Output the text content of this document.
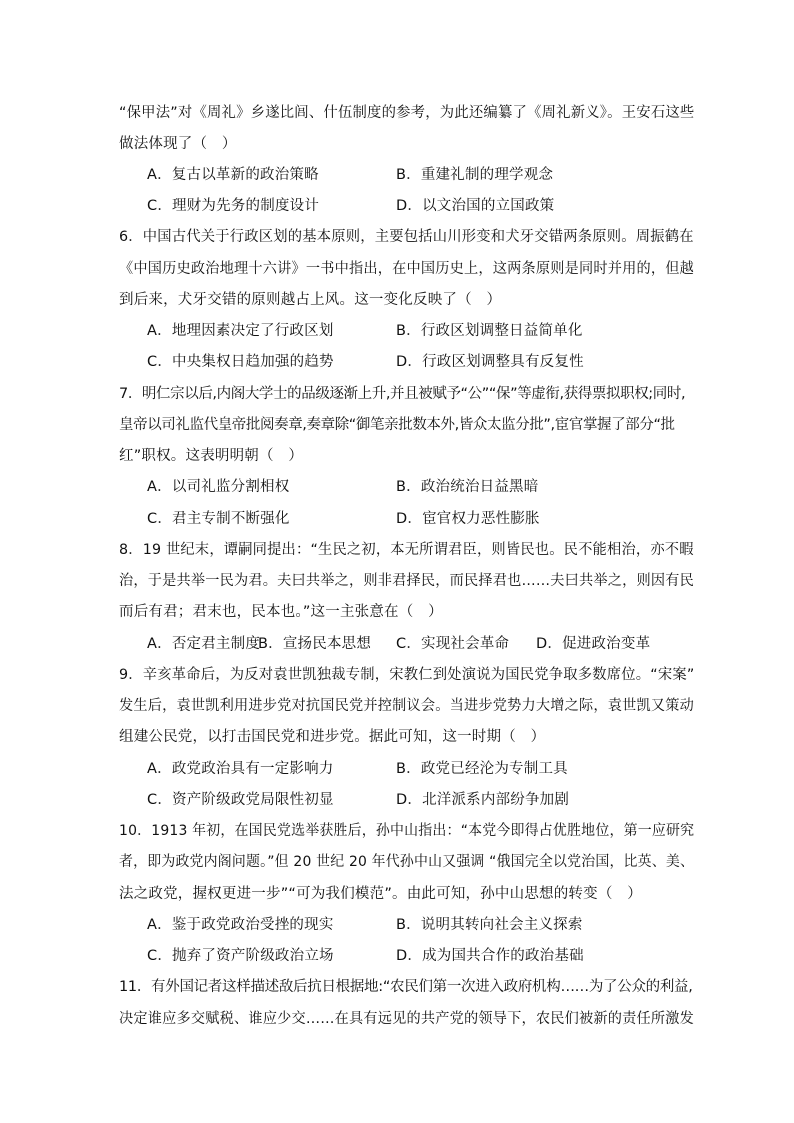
“保甲法”对《周礼》乡遂比闾、什伍制度的参考，为此还编纂了《周礼新义》。王安石这些
做法体现了（　）
A．复古以革新的政治策略	B．重建礼制的理学观念
C．理财为先务的制度设计	D．以文治国的立国政策
6．中国古代关于行政区划的基本原则，主要包括山川形变和犬牙交错两条原则。周振鹤在
《中国历史政治地理十六讲》一书中指出，在中国历史上，这两条原则是同时并用的，但越
到后来，犬牙交错的原则越占上风。这一变化反映了（　）
A．地理因素决定了行政区划	B．行政区划调整日益简单化
C．中央集权日趋加强的趋势	D．行政区划调整具有反复性
7．明仁宗以后,内阁大学士的品级逐渐上升,并且被赋予“公”“保”等虚衔,获得票拟职权;同时,
皇帝以司礼监代皇帝批阅奏章,奏章除“御笔亲批数本外,皆众太监分批”,宦官掌握了部分“批
红”职权。这表明明朝（　）
A．以司礼监分割相权	B．政治统治日益黑暗
C．君主专制不断强化	D．宦官权力恶性膨胀
8．19 世纪末，谭嗣同提出：“生民之初，本无所谓君臣，则皆民也。民不能相治，亦不暇
治，于是共举一民为君。夫曰共举之，则非君择民，而民择君也……夫曰共举之，则因有民
而后有君；君末也，民本也。”这一主张意在（　）
A．否定君主制度
B．宣扬民本思想 C．实现社会革命 D．促进政治变革
9．辛亥革命后，为反对袁世凯独裁专制，宋教仁到处演说为国民党争取多数席位。“宋案”
发生后，袁世凯利用进步党对抗国民党并控制议会。当进步党势力大增之际，袁世凯又策动
组建公民党，以打击国民党和进步党。据此可知，这一时期（　）
A．政党政治具有一定影响力	B．政党已经沦为专制工具
C．资产阶级政党局限性初显	D．北洋派系内部纷争加剧
10．1913 年初，在国民党选举获胜后，孙中山指出：“本党今即得占优胜地位，第一应研究
者，即为政党内阁问题。”但 20 世纪 20 年代孙中山又强调 “俄国完全以党治国，比英、美、
法之政党，握权更进一步”“可为我们模范”。由此可知，孙中山思想的转变（　）
A．鉴于政党政治受挫的现实	B．说明其转向社会主义探索
C．抛弃了资产阶级政治立场	D．成为国共合作的政治基础
11．有外国记者这样描述敌后抗日根据地:“农民们第一次进入政府机构……为了公众的利益,
决定谁应多交赋税、谁应少交……在具有远见的共产党的领导下，农民们被新的责任所激发
